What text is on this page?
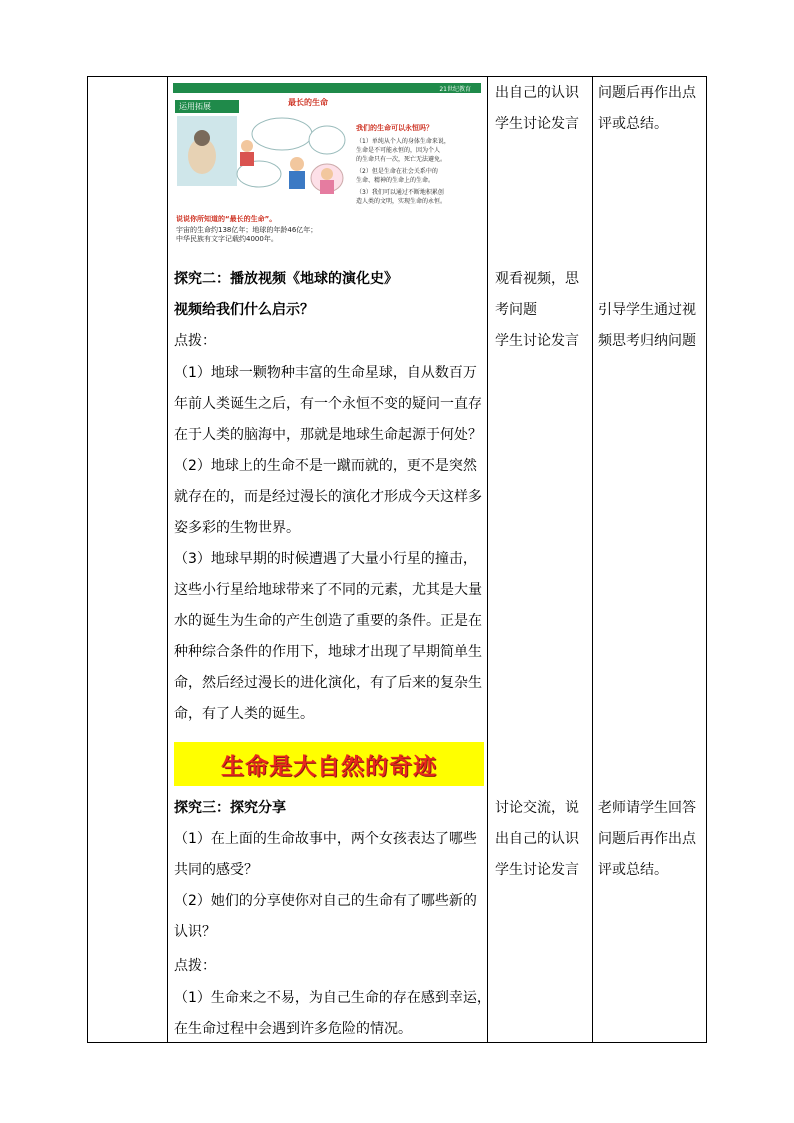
21世纪教育
运用拓展	最长的生命
我们的生命可以永恒吗？
（1）单纯从个人的身体生命来说，
生命是不可能永恒的，因为个人
的生命只有一次，死亡无法避免。
（2）但是生命在社会关系中的
生命、精神的生命上的生命。
（3）我们可以通过不断地积累创
造人类的文明，实现生命的永恒。
说说你所知道的“最长的生命”。
宇宙的生命约138亿年；地球的年龄46亿年；
中华民族有文字记载约4000年。
出自己的认识
学生讨论发言
问题后再作出点
评或总结。
探究二：播放视频《地球的演化史》
视频给我们什么启示？
点拨：
（1）地球一颗物种丰富的生命星球，自从数百万
年前人类诞生之后，有一个永恒不变的疑问一直存
在于人类的脑海中，那就是地球生命起源于何处？
（2）地球上的生命不是一蹴而就的，更不是突然
就存在的，而是经过漫长的演化才形成今天这样多
姿多彩的生物世界。
（3）地球早期的时候遭遇了大量小行星的撞击，
这些小行星给地球带来了不同的元素，尤其是大量
水的诞生为生命的产生创造了重要的条件。正是在
种种综合条件的作用下，地球才出现了早期简单生
命，然后经过漫长的进化演化，有了后来的复杂生
命，有了人类的诞生。
观看视频，思
考问题
学生讨论发言
引导学生通过视
频思考归纳问题
生命是大自然的奇迹
探究三：探究分享
（1）在上面的生命故事中，两个女孩表达了哪些
共同的感受？
（2）她们的分享使你对自己的生命有了哪些新的
认识？
点拨：
（1）生命来之不易，为自己生命的存在感到幸运，
在生命过程中会遇到许多危险的情况。
讨论交流，说
出自己的认识
学生讨论发言
老师请学生回答
问题后再作出点
评或总结。
